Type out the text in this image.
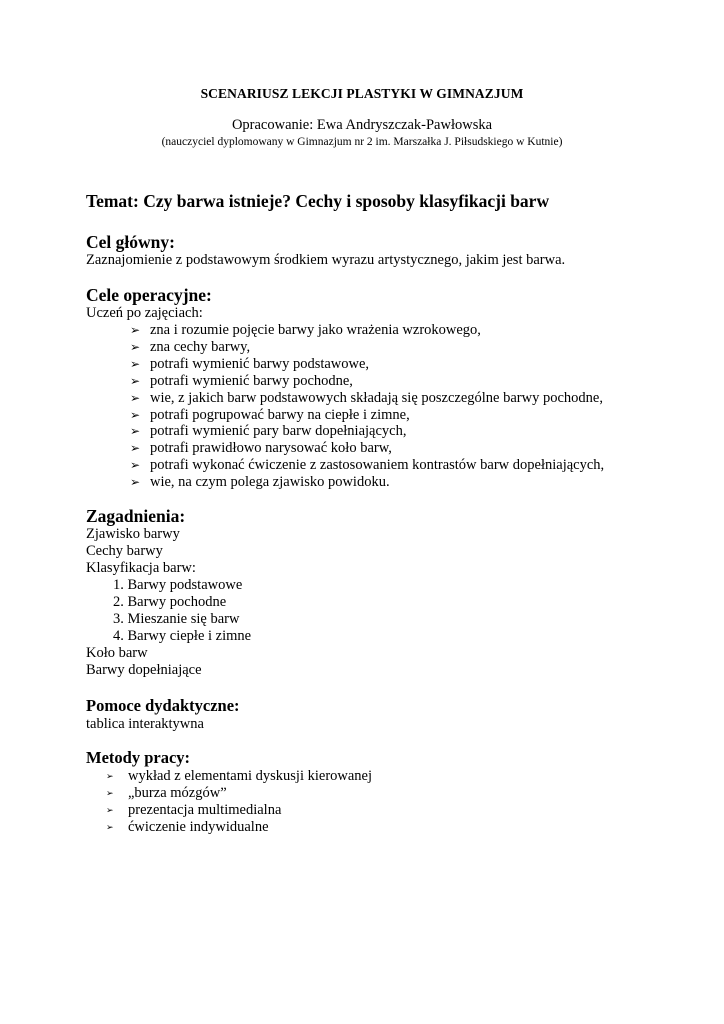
SCENARIUSZ LEKCJI PLASTYKI W GIMNAZJUM
Opracowanie: Ewa Andryszczak-Pawłowska
(nauczyciel dyplomowany w Gimnazjum nr 2 im. Marszałka J. Piłsudskiego w Kutnie)
Temat: Czy barwa istnieje? Cechy i sposoby klasyfikacji barw
Cel główny:
Zaznajomienie z podstawowym środkiem wyrazu artystycznego, jakim jest barwa.
Cele operacyjne:
Uczeń po zajęciach:
➢ zna i rozumie pojęcie barwy jako wrażenia wzrokowego,
➢ zna cechy barwy,
➢ potrafi wymienić barwy podstawowe,
➢ potrafi wymienić barwy pochodne,
➢ wie, z jakich barw podstawowych składają się poszczególne barwy pochodne,
➢ potrafi pogrupować barwy na ciepłe i zimne,
➢ potrafi wymienić pary barw dopełniających,
➢ potrafi prawidłowo narysować koło barw,
➢ potrafi wykonać ćwiczenie z zastosowaniem kontrastów barw dopełniających,
➢ wie, na czym polega zjawisko powidoku.
Zagadnienia:
Zjawisko barwy
Cechy barwy
Klasyfikacja barw:
1. Barwy podstawowe
2. Barwy pochodne
3. Mieszanie się barw
4. Barwy ciepłe i zimne
Koło barw
Barwy dopełniające
Pomoce dydaktyczne:
tablica interaktywna
Metody pracy:
➢ wykład z elementami dyskusji kierowanej
➢ „burza mózgów”
➢ prezentacja multimedialna
➢ ćwiczenie indywidualne
